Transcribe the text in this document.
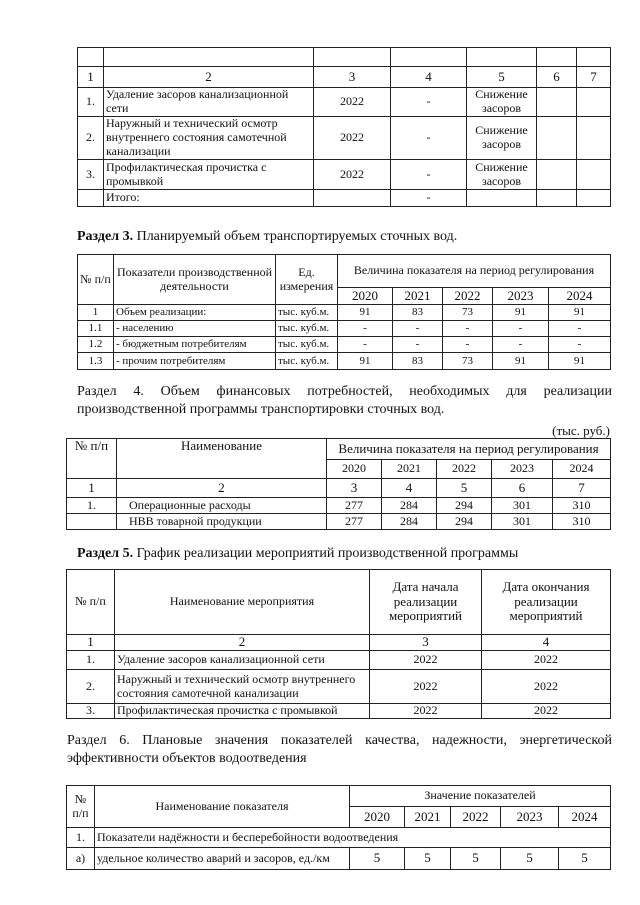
1	2	3	4	5	6	7
1.	Удаление засоров канализационной сети	2022	-	Снижение засоров		
2.	Наружный и технический осмотр внутреннего состояния самотечной канализации	2022	-	Снижение засоров		
3.	Профилактическая прочистка с промывкой	2022	-	Снижение засоров		
	Итого:		-			
Раздел 3. Планируемый объем транспортируемых сточных вод.
№ п/п	Показатели производственной деятельности	Ед. измерения	Величина показателя на период регулирования				
			2020	2021	2022	2023	2024
1	Объем реализации:	тыс. куб.м.	91	83	73	91	91
1.1	- населению	тыс. куб.м.	-	-	-	-	-
1.2	- бюджетным потребителям	тыс. куб.м.	-	-	-	-	-
1.3	- прочим потребителям	тыс. куб.м.	91	83	73	91	91
Раздел 4. Объем финансовых потребностей, необходимых для реализации
производственной программы транспортировки сточных вод.
(тыс. руб.)
№ п/п	Наименование	Величина показателя на период регулирования				
		2020	2021	2022	2023	2024
1	2	3	4	5	6	7
1.	Операционные расходы	277	284	294	301	310
	НВВ товарной продукции	277	284	294	301	310
Раздел 5. График реализации мероприятий производственной программы
№ п/п	Наименование мероприятия	Дата начала реализации мероприятий	Дата окончания реализации мероприятий
1	2	3	4
1.	Удаление засоров канализационной сети	2022	2022
2.	Наружный и технический осмотр внутреннего состояния самотечной канализации	2022	2022
3.	Профилактическая прочистка с промывкой	2022	2022
Раздел 6. Плановые значения показателей качества, надежности, энергетической
эффективности объектов водоотведения
№ п/п	Наименование показателя	Значение показателей				
		2020	2021	2022	2023	2024
1.	Показатели надёжности и бесперебойности водоотведения					
а)	удельное количество аварий и засоров, ед./км	5	5	5	5	5
